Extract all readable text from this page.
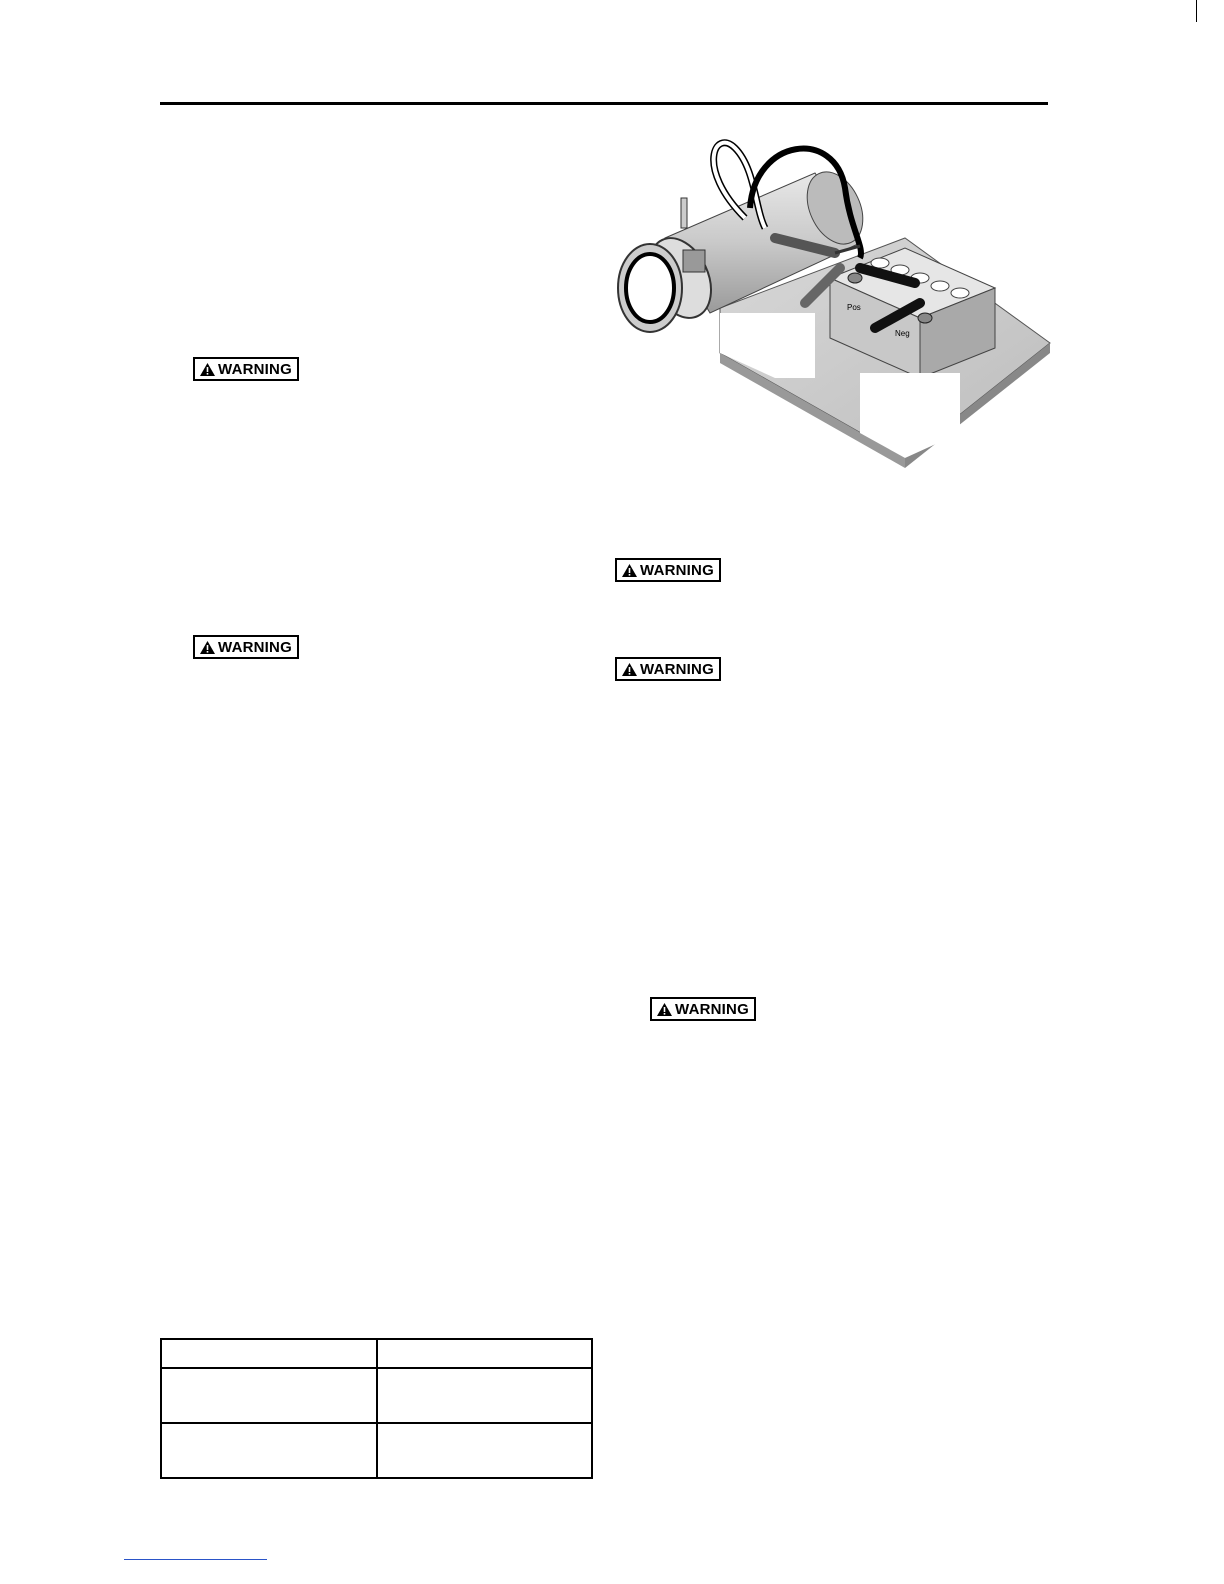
WARNING
WARNING
WARNING
WARNING
WARNING
Pos
Neg
